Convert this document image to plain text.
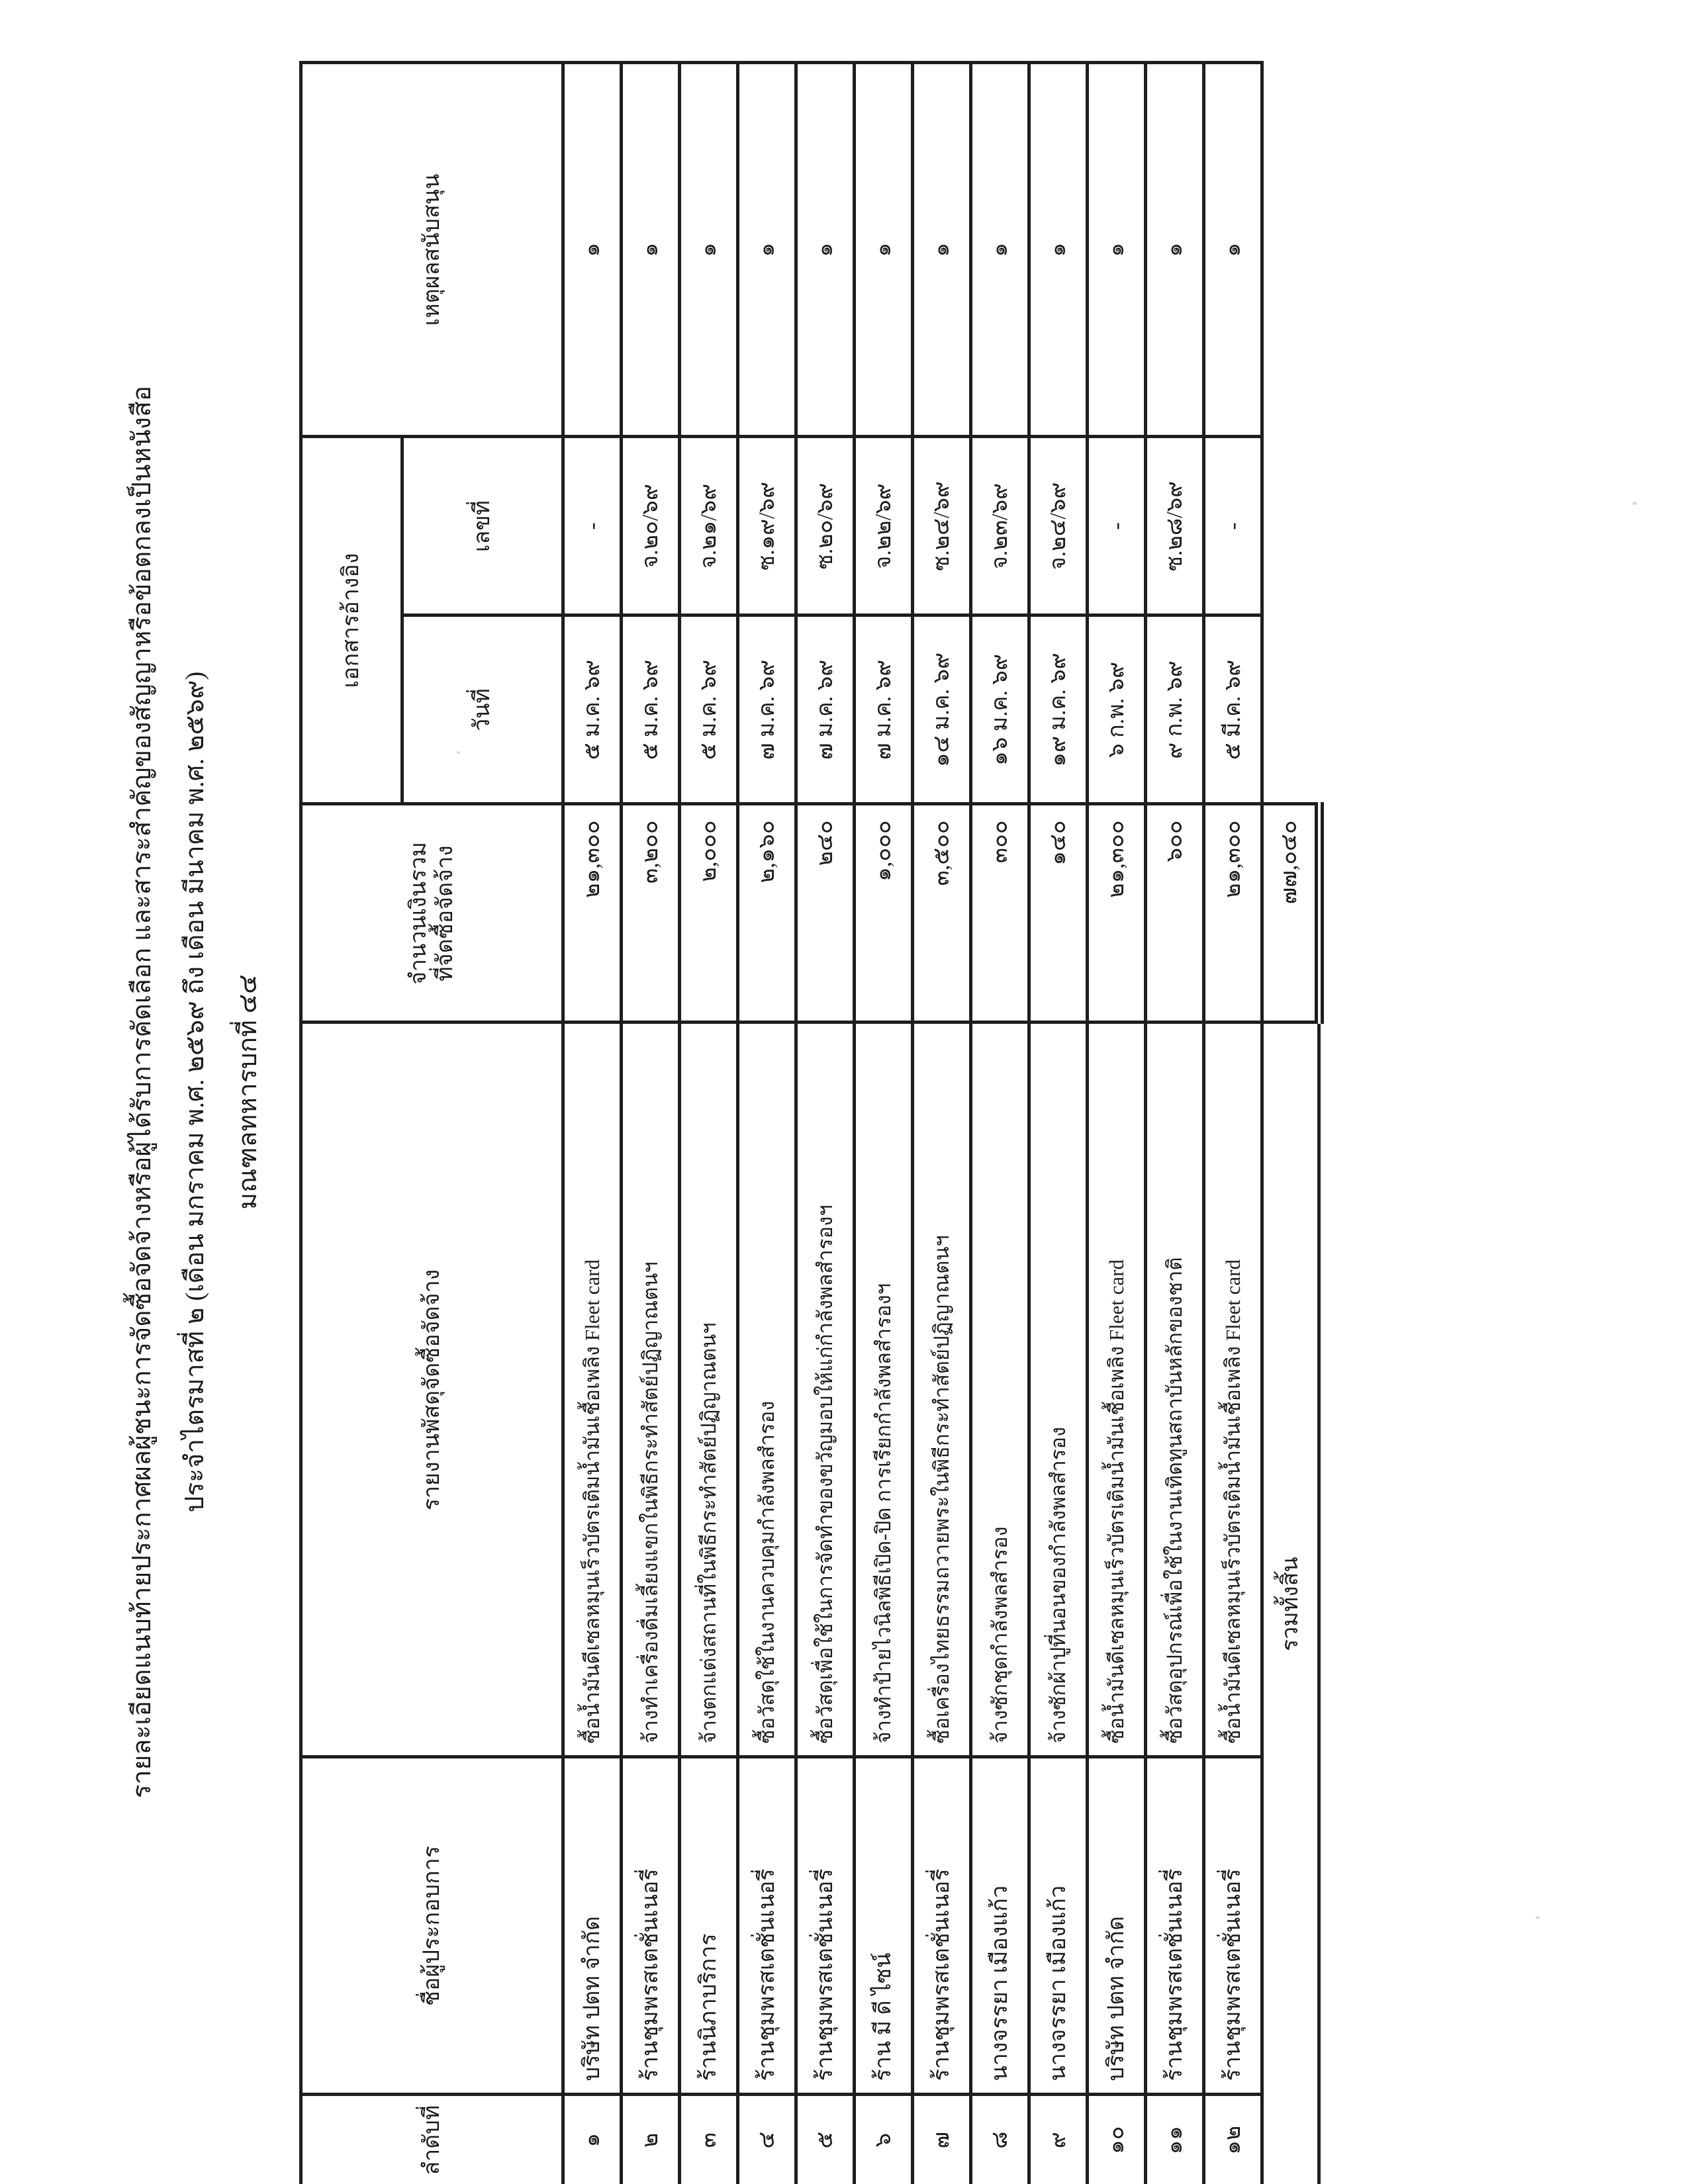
รายละเอียดแนบท้ายประกาศผลผู้ชนะการจัดซื้อจัดจ้างหรือผู้ได้รับการคัดเลือก และสาระสำคัญของสัญญาหรือข้อตกลงเป็นหนังสือ ประจำไตรมาสที่ ๒ (เดือน มกราคม พ.ศ. ๒๕๖๙ ถึง เดือน มีนาคม พ.ศ. ๒๕๖๙) มณฑลทหารบกที่ ๔๔
ลำดับที่	ชื่อผู้ประกอบการ	รายงานพัสดุจัดซื้อจัดจ้าง	จำนวนเงินรวม ที่จัดซื้อจัดจ้าง	เอกสารอ้างอิง		เหตุผลสนับสนุน
				วันที่	เลขที่	
๑	บริษัท ปตท จำกัด	ซื้อน้ำมันดีเซลหมุนเร็วบัตรเติมน้ำมันเชื้อเพลิง Fleet card	๒๑,๓๐๐	๕ ม.ค. ๖๙	-	๑
๒	ร้านชุมพรสเตชั่นเนอรี่	จ้างทำเครื่องดื่มเลี้ยงแขกในพิธีกระทำสัตย์ปฏิญาณตนฯ	๓,๒๐๐	๕ ม.ค. ๖๙	จ.๒๐/๖๙	๑
๓	ร้านนิภาบริการ	จ้างตกแต่งสถานที่ในพิธีกระทำสัตย์ปฏิญาณตนฯ	๒,๐๐๐	๕ ม.ค. ๖๙	จ.๒๑/๖๙	๑
๔	ร้านชุมพรสเตชั่นเนอรี่	ซื้อวัสดุใช้ในงานควบคุมกำลังพลสำรอง	๒,๑๖๐	๗ ม.ค. ๖๙	ซ.๑๙/๖๙	๑
๕	ร้านชุมพรสเตชั่นเนอรี่	ซื้อวัสดุเพื่อใช้ในการจัดทำของขวัญมอบให้แก่กำลังพลสำรองฯ	๒๔๐	๗ ม.ค. ๖๙	ซ.๒๐/๖๙	๑
๖	ร้าน มี ดี ไซน์	จ้างทำป้ายไวนิลพิธีเปิด-ปิด การเรียกกำลังพลสำรองฯ	๑,๐๐๐	๗ ม.ค. ๖๙	จ.๒๒/๖๙	๑
๗	ร้านชุมพรสเตชั่นเนอรี่	ซื้อเครื่องไทยธรรมถวายพระในพิธีกระทำสัตย์ปฏิญาณตนฯ	๓,๕๐๐	๑๔ ม.ค. ๖๙	ซ.๒๔/๖๙	๑
๘	นางจรรยา เมืองแก้ว	จ้างซักชุดกำลังพลสำรอง	๓๐๐	๑๖ ม.ค. ๖๙	จ.๒๓/๖๙	๑
๙	นางจรรยา เมืองแก้ว	จ้างซักผ้าปูที่นอนของกำลังพลสำรอง	๑๔๐	๑๙ ม.ค. ๖๙	จ.๒๔/๖๙	๑
๑๐	บริษัท ปตท จำกัด	ซื้อน้ำมันดีเซลหมุนเร็วบัตรเติมน้ำมันเชื้อเพลิง Fleet card	๒๑,๓๐๐	๖ ก.พ. ๖๙	-	๑
๑๑	ร้านชุมพรสเตชั่นเนอรี่	ซื้อวัสดุอุปกรณ์เพื่อใช้ในงานเทิดทูนสถาบันหลักของชาติ	๖๐๐	๙ ก.พ. ๖๙	ซ.๒๘/๖๙	๑
๑๒	ร้านชุมพรสเตชั่นเนอรี่	ซื้อน้ำมันดีเซลหมุนเร็วบัตรเติมน้ำมันเชื้อเพลิง Fleet card	๒๑,๓๐๐	๕ มี.ค. ๖๙	-	๑
รวมทั้งสิ้น			๗๗,๐๔๐			
